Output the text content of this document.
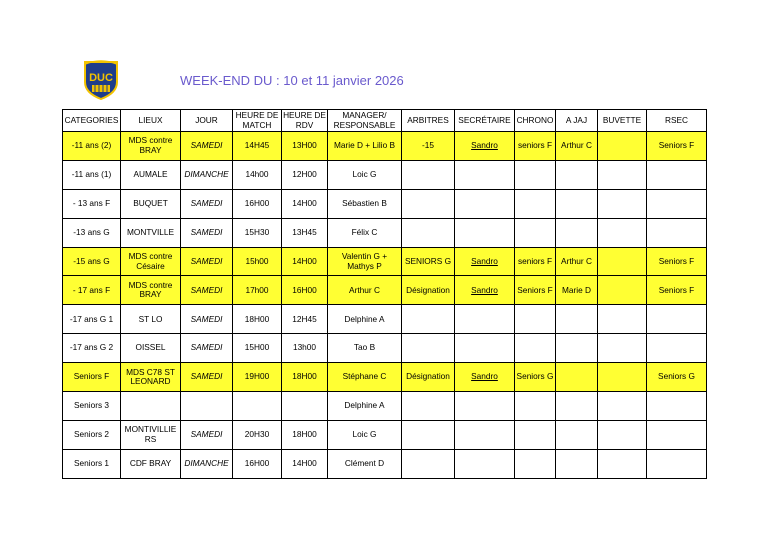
DUC	WEEK-END DU : 10 et 11 janvier 2026
CATEGORIES	LIEUX	JOUR	HEURE DE MATCH	HEURE DE RDV	MANAGER/ RESPONSABLE	ARBITRES	SECRÉTAIRE	CHRONO	A JAJ	BUVETTE	RSEC
-11 ans (2)	MDS contre BRAY	SAMEDI	14H45	13H00	Marie D + Lilio B	-15	Sandro	seniors F	Arthur C		Seniors F
-11 ans (1)	AUMALE	DIMANCHE	14h00	12H00	Loic G						
- 13 ans F	BUQUET	SAMEDI	16H00	14H00	Sébastien B						
-13 ans G	MONTVILLE	SAMEDI	15H30	13H45	Félix C						
-15 ans G	MDS contre Césaire	SAMEDI	15h00	14H00	Valentin G + Mathys P	SENIORS G	Sandro	seniors F	Arthur C		Seniors F
- 17 ans F	MDS contre BRAY	SAMEDI	17h00	16H00	Arthur C	Désignation	Sandro	Seniors F	Marie D		Seniors F
-17 ans G 1	ST LO	SAMEDI	18H00	12H45	Delphine A						
-17 ans G 2	OISSEL	SAMEDI	15H00	13h00	Tao B						
Seniors F	MDS C78 ST LEONARD	SAMEDI	19H00	18H00	Stéphane C	Désignation	Sandro	Seniors G			Seniors G
Seniors 3					Delphine A						
Seniors 2	MONTIVILLIERS	SAMEDI	20H30	18H00	Loic G						
Seniors 1	CDF BRAY	DIMANCHE	16H00	14H00	Clément D						
